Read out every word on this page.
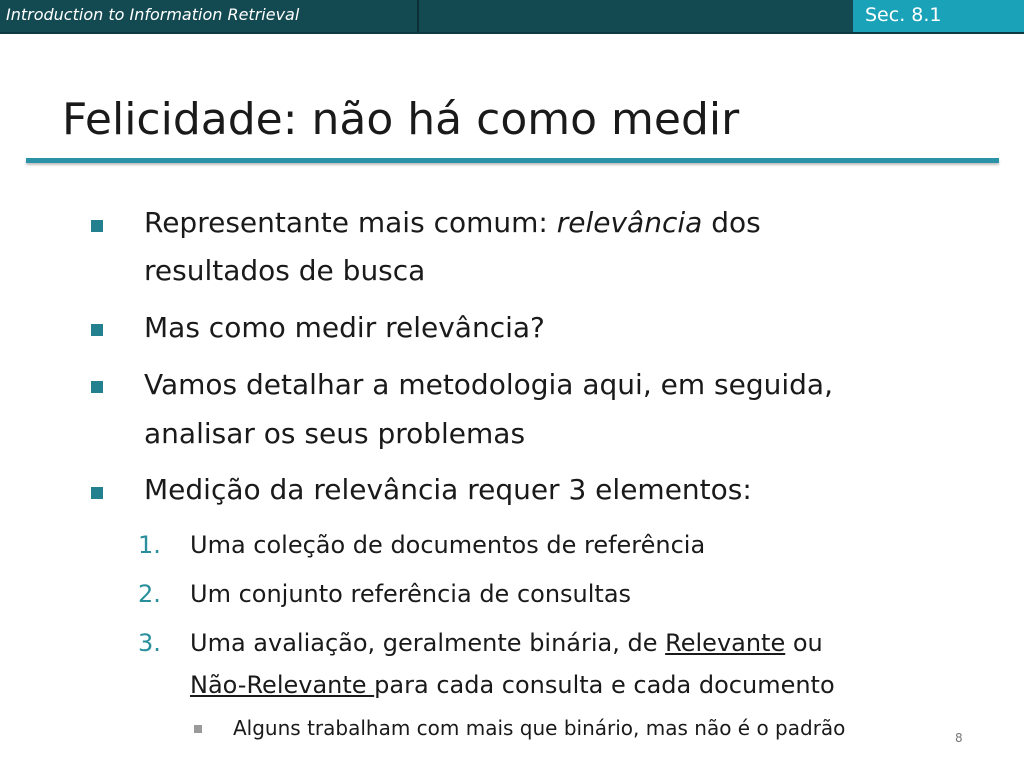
Introduction to Information Retrieval	Sec. 8.1
Felicidade: não há como medir
Representante mais comum: relevância dos
resultados de busca
Mas como medir relevância?
Vamos detalhar a metodologia aqui, em seguida,
analisar os seus problemas
Medição da relevância requer 3 elementos:
1. Uma coleção de documentos de referência
2. Um conjunto referência de consultas
3. Uma avaliação, geralmente binária, de Relevante ou
Não-Relevante para cada consulta e cada documento
Alguns trabalham com mais que binário, mas não é o padrão	8
